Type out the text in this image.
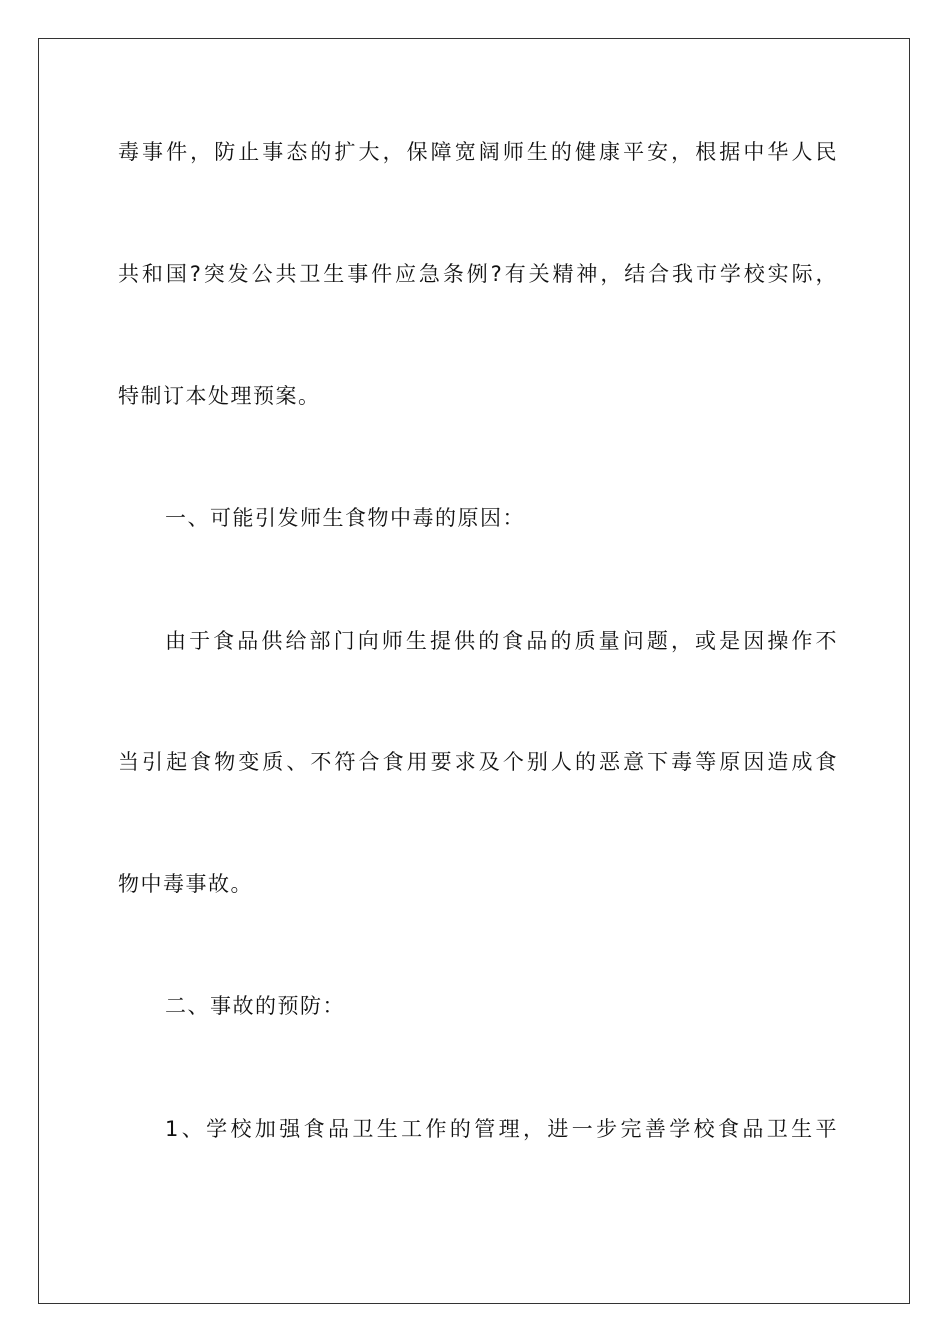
毒事件，防止事态的扩大，保障宽阔师生的健康平安，根据中华人民
共和国?突发公共卫生事件应急条例?有关精神，结合我市学校实际，
特制订本处理预案。
一、可能引发师生食物中毒的原因：
由于食品供给部门向师生提供的食品的质量问题，或是因操作不
当引起食物变质、不符合食用要求及个别人的恶意下毒等原因造成食
物中毒事故。
二、事故的预防：
1、学校加强食品卫生工作的管理，进一步完善学校食品卫生平
